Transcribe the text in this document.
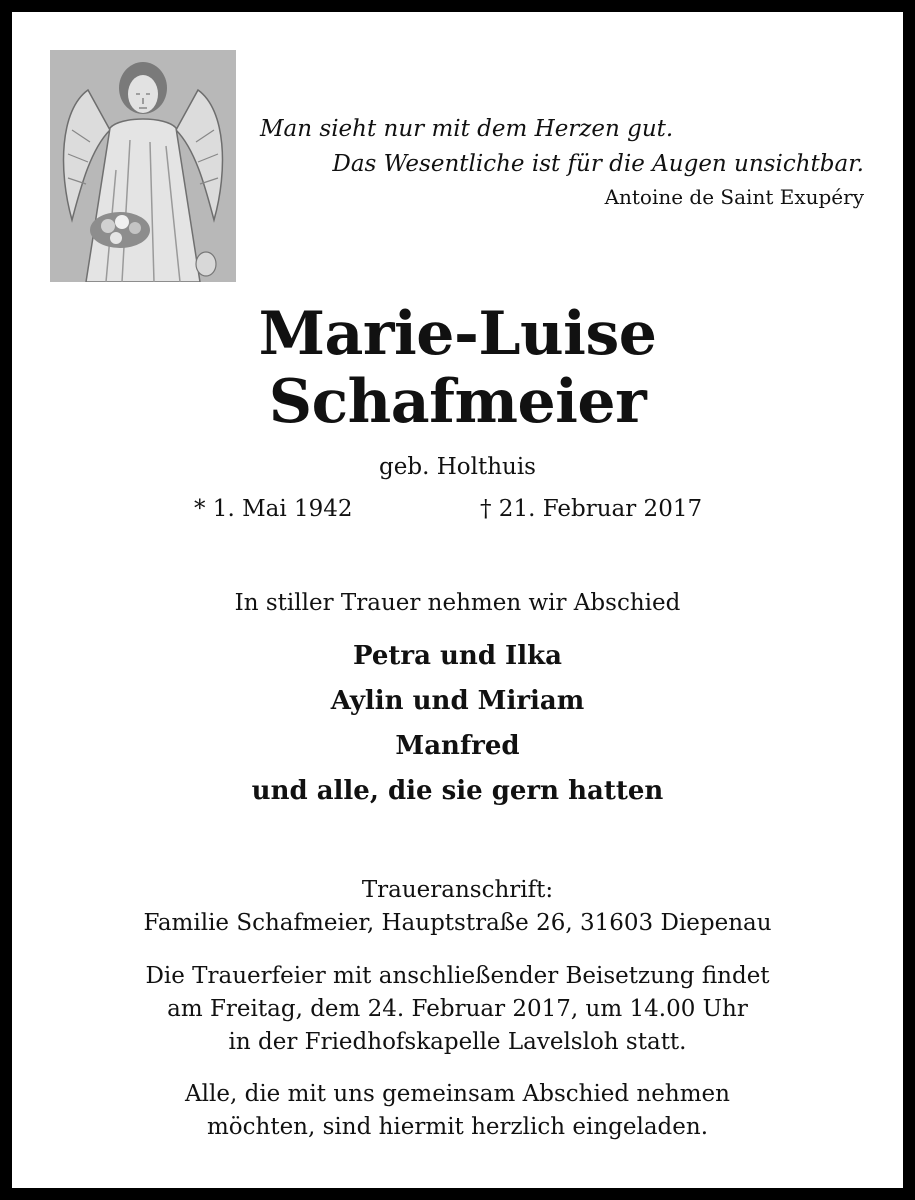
Man sieht nur mit dem Herzen gut.
Das Wesentliche ist für die Augen unsichtbar.
Antoine de Saint Exupéry
Marie-Luise
Schafmeier
geb. Holthuis
* 1. Mai 1942	† 21. Februar 2017
In stiller Trauer nehmen wir Abschied
Petra und Ilka
Aylin und Miriam
Manfred
und alle, die sie gern hatten
Traueranschrift:
Familie Schafmeier, Hauptstraße 26, 31603 Diepenau
Die Trauerfeier mit anschließender Beisetzung findet
am Freitag, dem 24. Februar 2017, um 14.00 Uhr
in der Friedhofskapelle Lavelsloh statt.
Alle, die mit uns gemeinsam Abschied nehmen
möchten, sind hiermit herzlich eingeladen.
